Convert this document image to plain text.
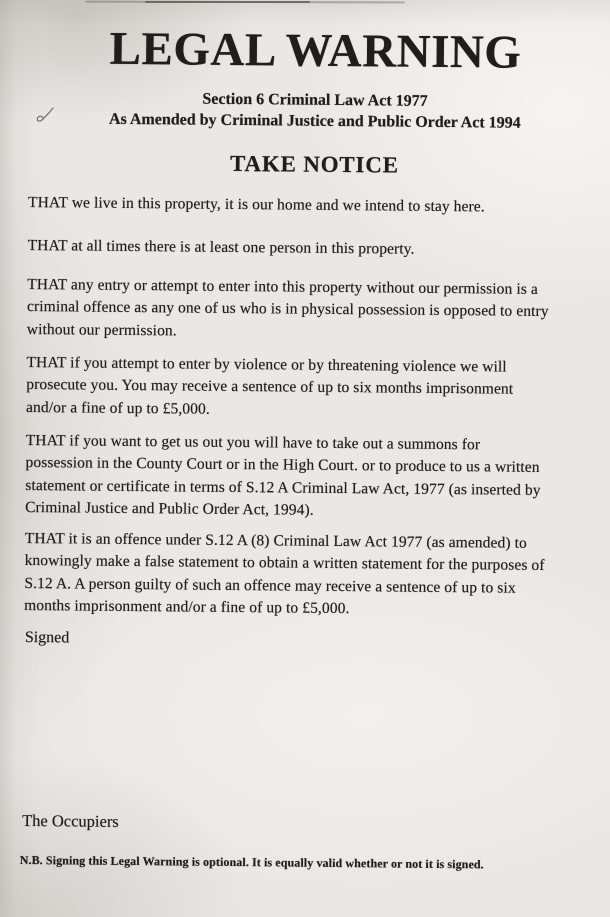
LEGAL WARNING
Section 6 Criminal Law Act 1977
As Amended by Criminal Justice and Public Order Act 1994
TAKE NOTICE
THAT we live in this property, it is our home and we intend to stay here.
THAT at all times there is at least one person in this property.
THAT any entry or attempt to enter into this property without our permission is a
criminal offence as any one of us who is in physical possession is opposed to entry
without our permission.
THAT if you attempt to enter by violence or by threatening violence we will
prosecute you. You may receive a sentence of up to six months imprisonment
and/or a fine of up to £5,000.
THAT if you want to get us out you will have to take out a summons for
possession in the County Court or in the High Court. or to produce to us a written
statement or certificate in terms of S.12 A Criminal Law Act, 1977 (as inserted by
Criminal Justice and Public Order Act, 1994).
THAT it is an offence under S.12 A (8) Criminal Law Act 1977 (as amended) to
knowingly make a false statement to obtain a written statement for the purposes of
S.12 A. A person guilty of such an offence may receive a sentence of up to six
months imprisonment and/or a fine of up to £5,000.
Signed
The Occupiers
N.B. Signing this Legal Warning is optional. It is equally valid whether or not it is signed.
